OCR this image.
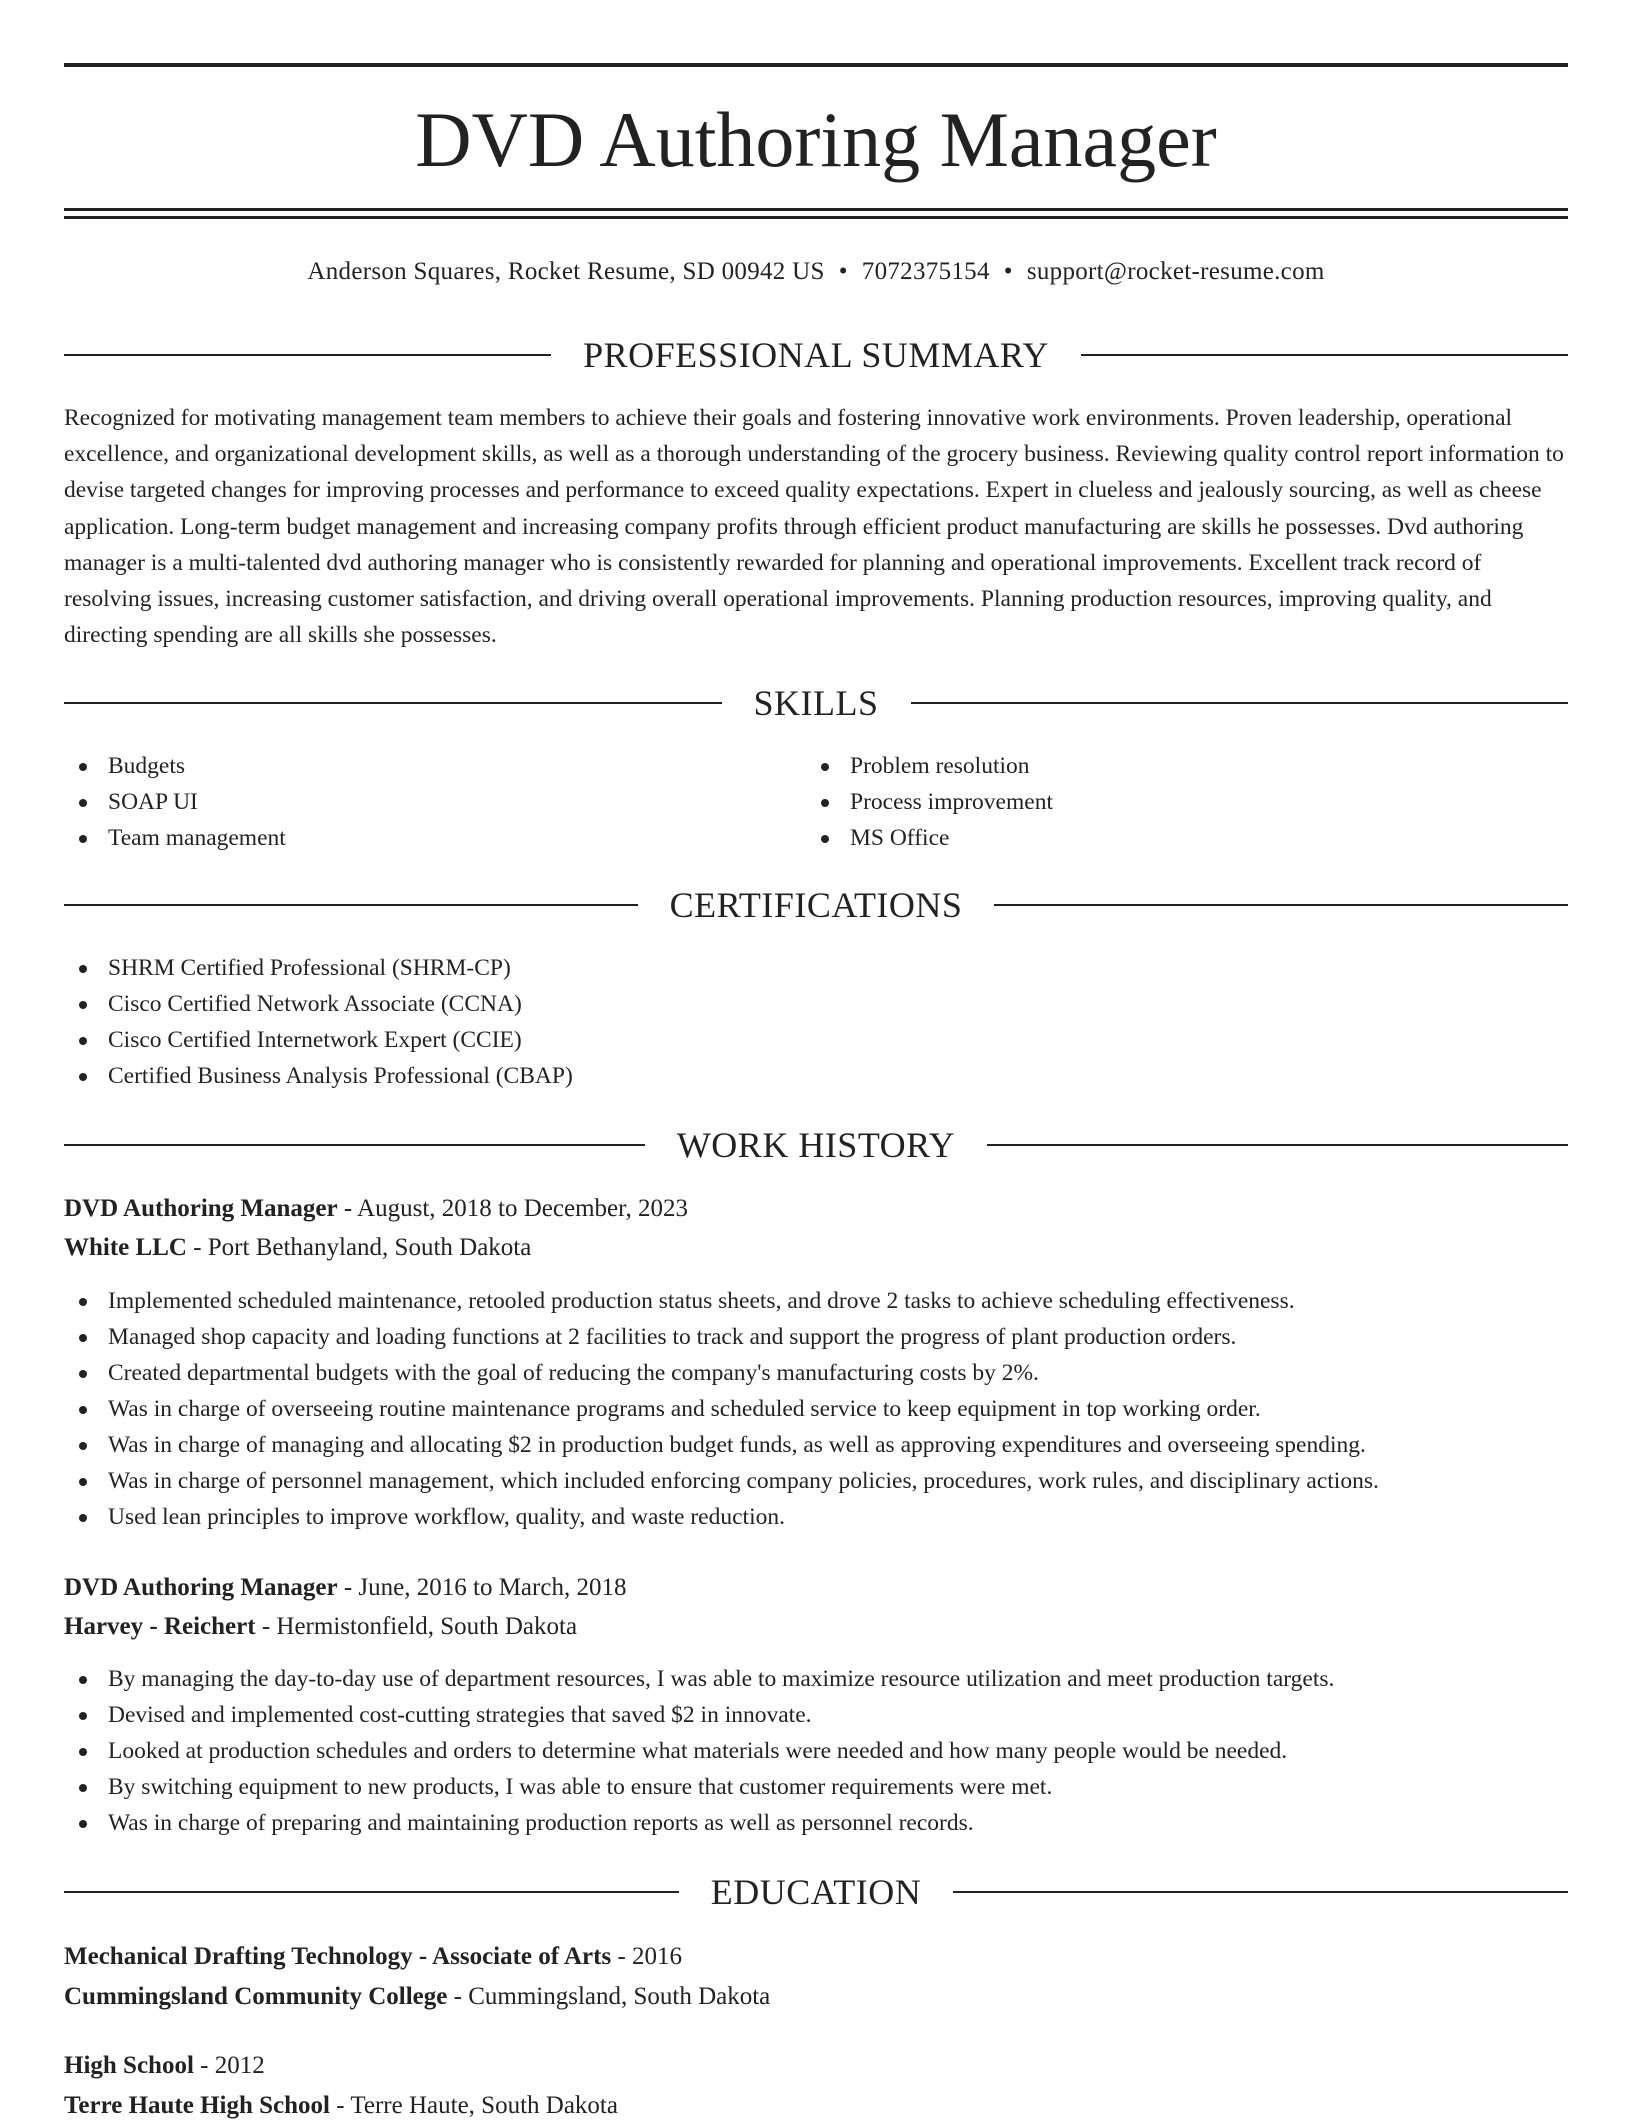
DVD Authoring Manager
Anderson Squares, Rocket Resume, SD 00942 US • 7072375154 • support@rocket-resume.com
PROFESSIONAL SUMMARY

Recognized for motivating management team members to achieve their goals and fostering innovative work environments. Proven leadership, operational excellence, and organizational development skills, as well as a thorough understanding of the grocery business. Reviewing quality control report information to devise targeted changes for improving processes and performance to exceed quality expectations. Expert in clueless and jealously sourcing, as well as cheese application. Long-term budget management and increasing company profits through efficient product manufacturing are skills he possesses. Dvd authoring manager is a multi-talented dvd authoring manager who is consistently rewarded for planning and operational improvements. Excellent track record of resolving issues, increasing customer satisfaction, and driving overall operational improvements. Planning production resources, improving quality, and directing spending are all skills she possesses.

SKILLS
Budgets
SOAP UI
Team management
Problem resolution
Process improvement
MS Office
CERTIFICATIONS
SHRM Certified Professional (SHRM-CP)
Cisco Certified Network Associate (CCNA)
Cisco Certified Internetwork Expert (CCIE)
Certified Business Analysis Professional (CBAP)
WORK HISTORY
DVD Authoring Manager - August, 2018 to December, 2023
White LLC - Port Bethanyland, South Dakota
Implemented scheduled maintenance, retooled production status sheets, and drove 2 tasks to achieve scheduling effectiveness.
Managed shop capacity and loading functions at 2 facilities to track and support the progress of plant production orders.
Created departmental budgets with the goal of reducing the company's manufacturing costs by 2%.
Was in charge of overseeing routine maintenance programs and scheduled service to keep equipment in top working order.
Was in charge of managing and allocating $2 in production budget funds, as well as approving expenditures and overseeing spending.
Was in charge of personnel management, which included enforcing company policies, procedures, work rules, and disciplinary actions.
Used lean principles to improve workflow, quality, and waste reduction.
DVD Authoring Manager - June, 2016 to March, 2018
Harvey - Reichert - Hermistonfield, South Dakota
By managing the day-to-day use of department resources, I was able to maximize resource utilization and meet production targets.
Devised and implemented cost-cutting strategies that saved $2 in innovate.
Looked at production schedules and orders to determine what materials were needed and how many people would be needed.
By switching equipment to new products, I was able to ensure that customer requirements were met.
Was in charge of preparing and maintaining production reports as well as personnel records.
EDUCATION
Mechanical Drafting Technology - Associate of Arts - 2016
Cummingsland Community College - Cummingsland, South Dakota
High School - 2012
Terre Haute High School - Terre Haute, South Dakota
